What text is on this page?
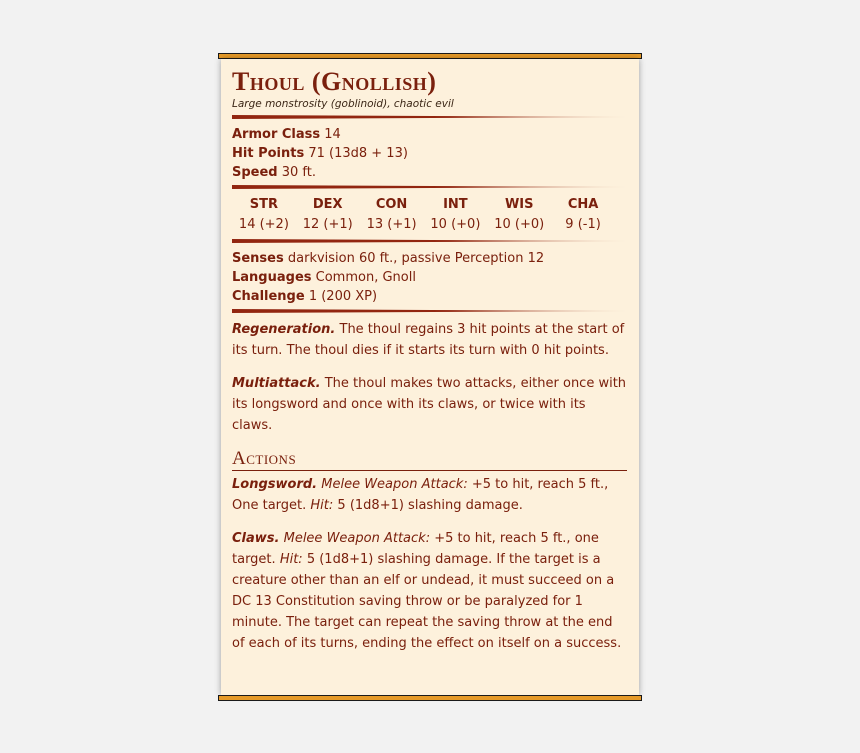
Thoul (Gnollish)
Large monstrosity (goblinoid), chaotic evil
Armor Class 14
Hit Points 71 (13d8 + 13)
Speed 30 ft.
STR
14 (+2)
DEX
12 (+1)
CON
13 (+1)
INT
10 (+0)
WIS
10 (+0)
CHA
9 (-1)
Senses darkvision 60 ft., passive Perception 12
Languages Common, Gnoll
Challenge 1 (200 XP)
Regeneration. The thoul regains 3 hit points at the start of its turn. The thoul dies if it starts its turn with 0 hit points.
Multiattack. The thoul makes two attacks, either once with its longsword and once with its claws, or twice with its claws.
Actions
Longsword. Melee Weapon Attack: +5 to hit, reach 5 ft., One target. Hit: 5 (1d8+1) slashing damage.
Claws. Melee Weapon Attack: +5 to hit, reach 5 ft., one target. Hit: 5 (1d8+1) slashing damage. If the target is a creature other than an elf or undead, it must succeed on a DC 13 Constitution saving throw or be paralyzed for 1 minute. The target can repeat the saving throw at the end of each of its turns, ending the effect on itself on a success.
